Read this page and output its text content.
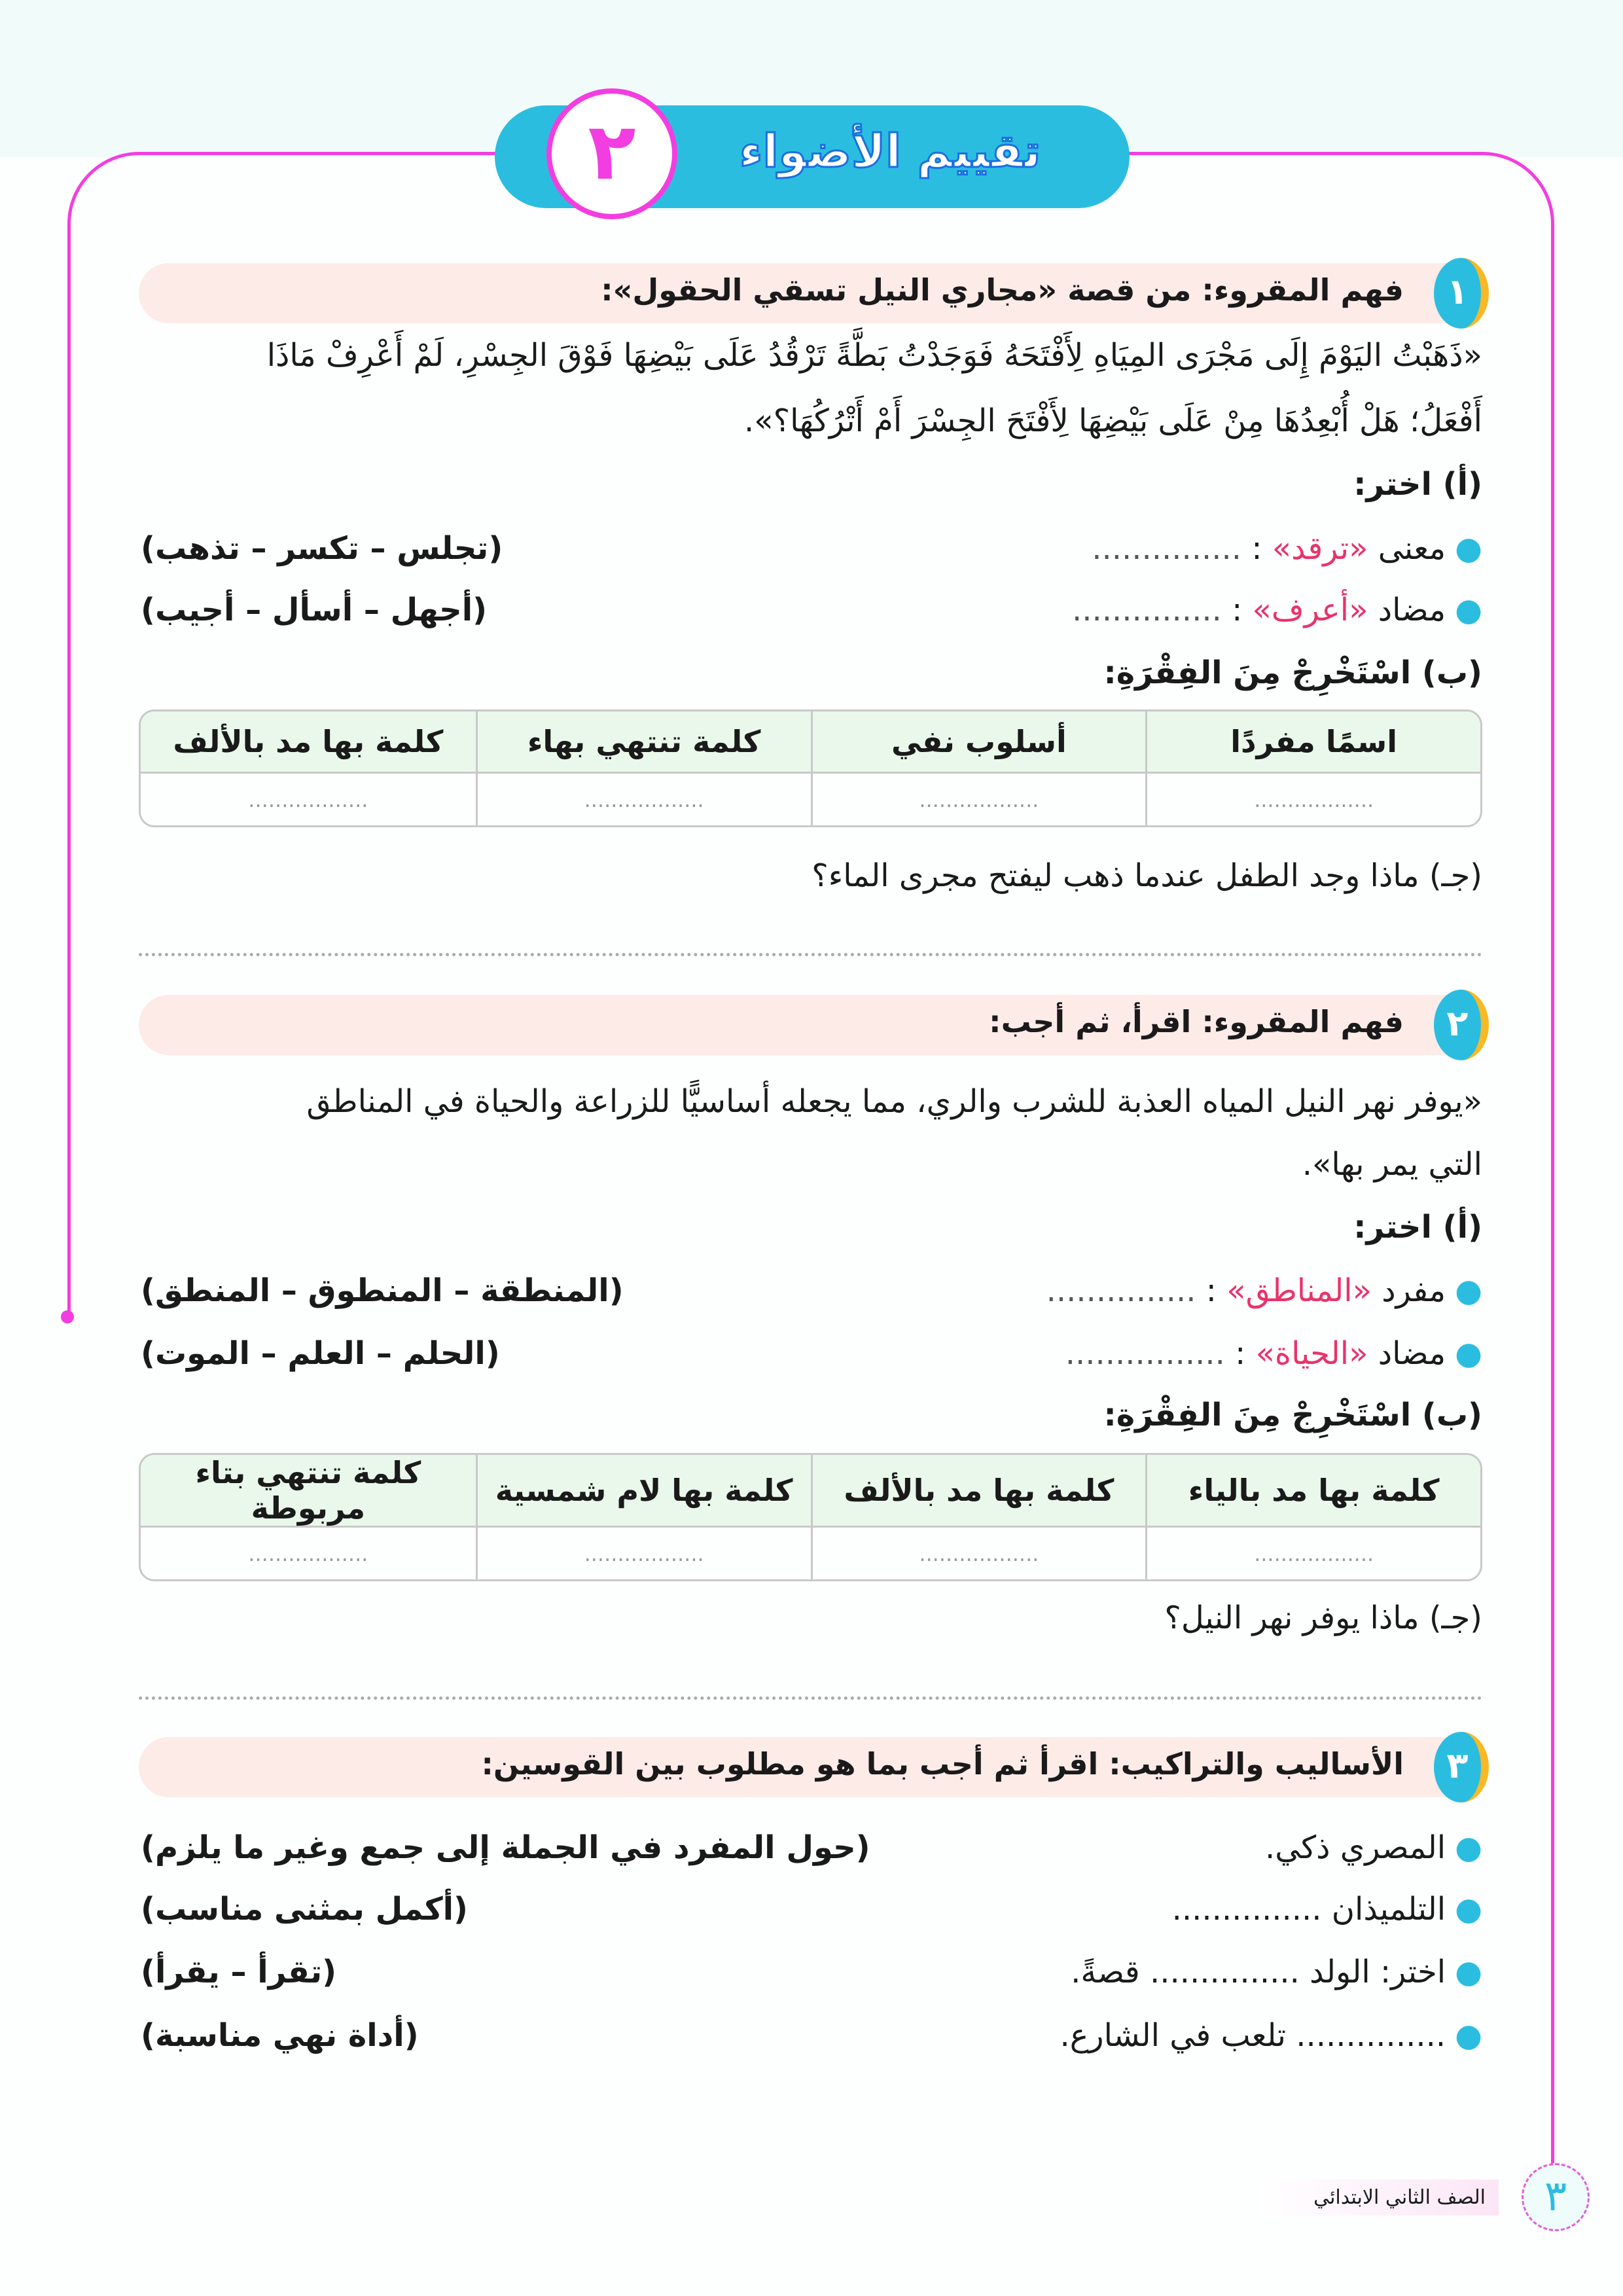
تقييم الأضواء
٢
١
فهم المقروء: من قصة «مجاري النيل تسقي الحقول»:
«ذَهَبْتُ اليَوْمَ إِلَى مَجْرَى المِيَاهِ لِأَفْتَحَهُ فَوَجَدْتُ بَطَّةً تَرْقُدُ عَلَى بَيْضِهَا فَوْقَ الجِسْرِ، لَمْ أَعْرِفْ مَاذَا
أَفْعَلُ؛ هَلْ أُبْعِدُهَا مِنْ عَلَى بَيْضِهَا لِأَفْتَحَ الجِسْرَ أَمْ أَتْرُكُهَا؟».
(أ) اختر:
●معنى «ترقد» : ...............
(تجلس – تكسر – تذهب)
●مضاد «أعرف» : ...............
(أجهل – أسأل – أجيب)
(ب) اسْتَخْرِجْ مِنَ الفِقْرَةِ:
اسمًا مفردًا	أسلوب نفي	كلمة تنتهي بهاء	كلمة بها مد بالألف
..................	..................	..................	..................
(جـ) ماذا وجد الطفل عندما ذهب ليفتح مجرى الماء؟
٢
فهم المقروء: اقرأ، ثم أجب:
«يوفر نهر النيل المياه العذبة للشرب والري، مما يجعله أساسيًّا للزراعة والحياة في المناطق
التي يمر بها».
(أ) اختر:
●مفرد «المناطق» : ...............
(المنطقة – المنطوق – المنطق)
●مضاد «الحياة» : ................
(الحلم – العلم – الموت)
(ب) اسْتَخْرِجْ مِنَ الفِقْرَةِ:
كلمة بها مد بالياء	كلمة بها مد بالألف	كلمة بها لام شمسية	كلمة تنتهي بتاء مربوطة
..................	..................	..................	..................
(جـ) ماذا يوفر نهر النيل؟
٣
الأساليب والتراكيب: اقرأ ثم أجب بما هو مطلوب بين القوسين:
●المصري ذكي.
(حول المفرد في الجملة إلى جمع وغير ما يلزم)
●التلميذان ...............
(أكمل بمثنى مناسب)
●اختر: الولد ............... قصةً.
(تقرأ – يقرأ)
●............... تلعب في الشارع.
(أداة نهي مناسبة)
الصف الثاني الابتدائي	٣
